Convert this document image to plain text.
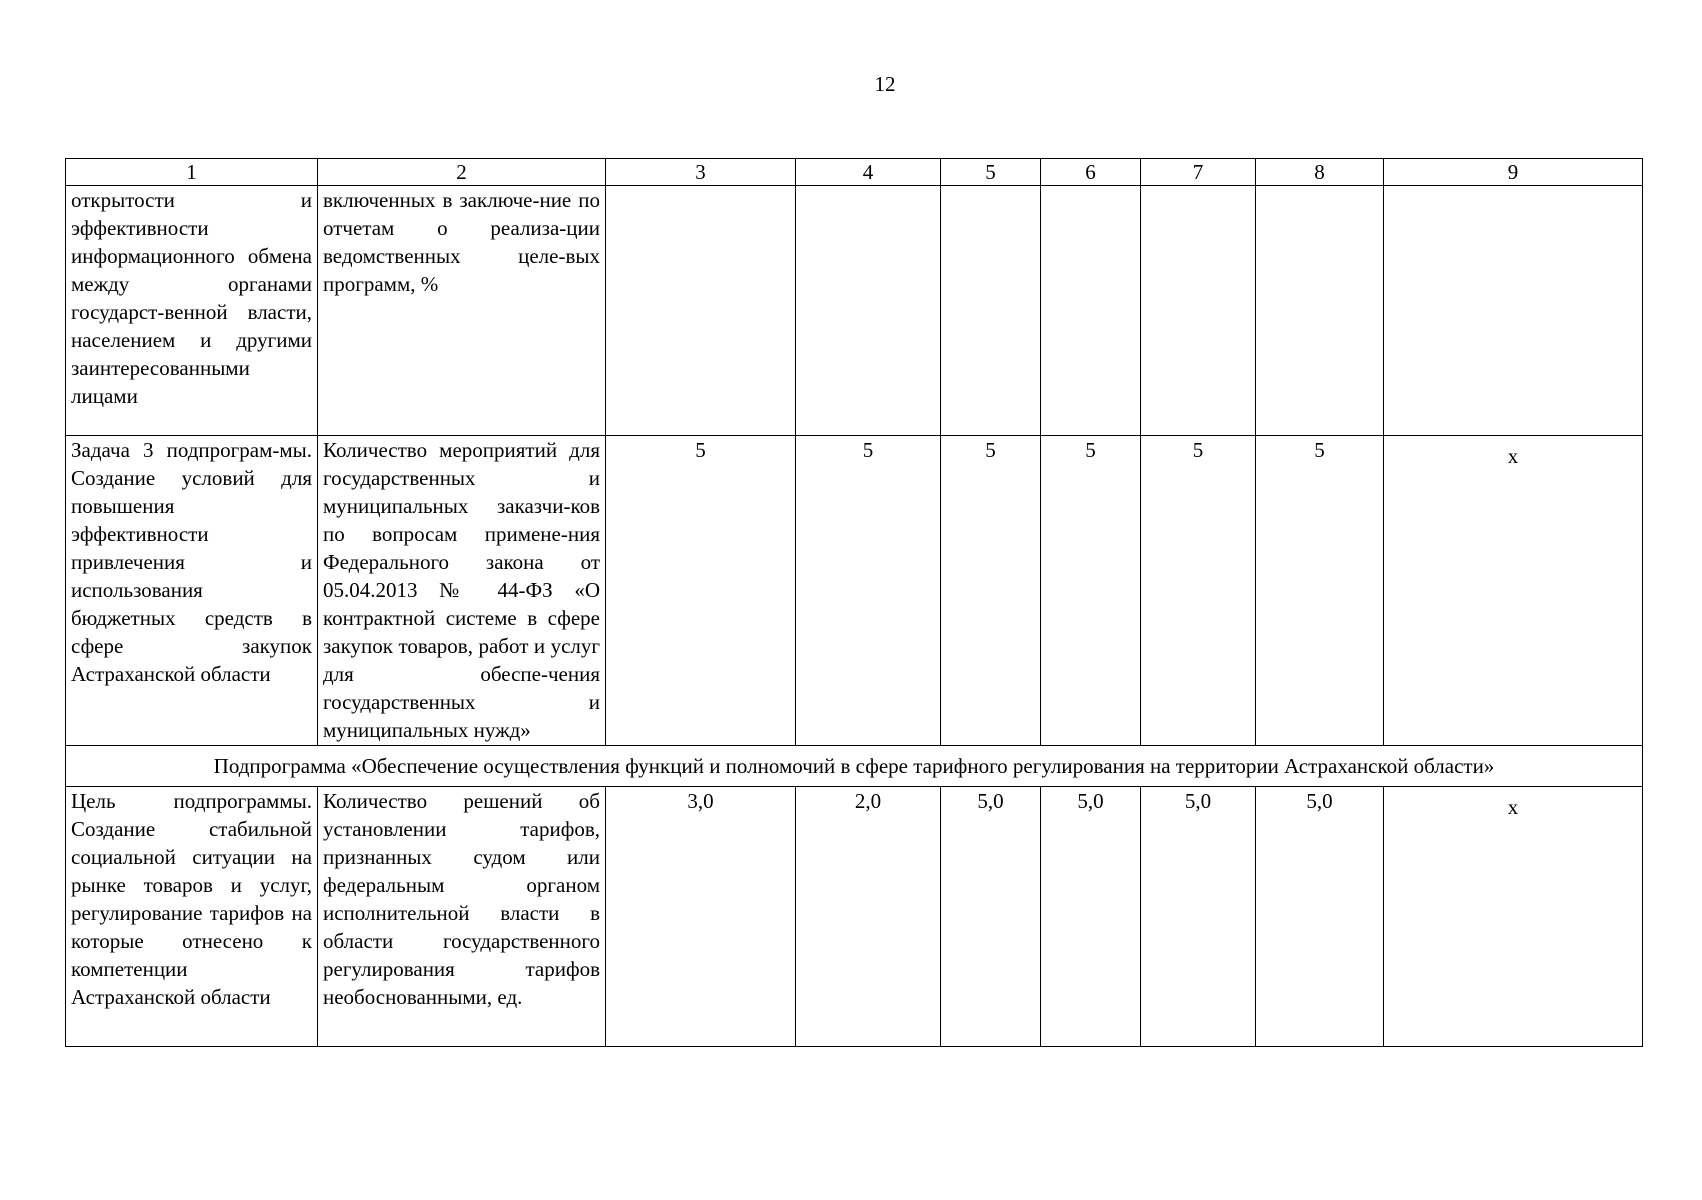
12
1	2	3	4	5	6	7	8	9
открытости и эффективности информационного обмена между органами государст-венной власти, населением и другими заинтересованными лицами	включенных в заключе-ние по отчетам о реализа-ции ведомственных целе-вых программ, %							
Задача 3 подпрограм-мы. Создание условий для повышения эффективности привлечения и использования бюджетных средств в сфере закупок Астраханской области	Количество мероприятий для государственных и муниципальных заказчи-ков по вопросам примене-ния Федерального закона от 05.04.2013 № 44-ФЗ «О контрактной системе в сфере закупок товаров, работ и услуг для обеспе-чения государственных и муниципальных нужд»	5	5	5	5	5	5	x
Подпрограмма «Обеспечение осуществления функций и полномочий в сфере тарифного регулирования на территории Астраханской области»								
Цель подпрограммы. Создание стабильной социальной ситуации на рынке товаров и услуг, регулирование тарифов на которые отнесено к компетенции Астраханской области	Количество решений об установлении тарифов, признанных судом или федеральным органом исполнительной власти в области государственного регулирования тарифов необоснованными, ед.	3,0	2,0	5,0	5,0	5,0	5,0	x
